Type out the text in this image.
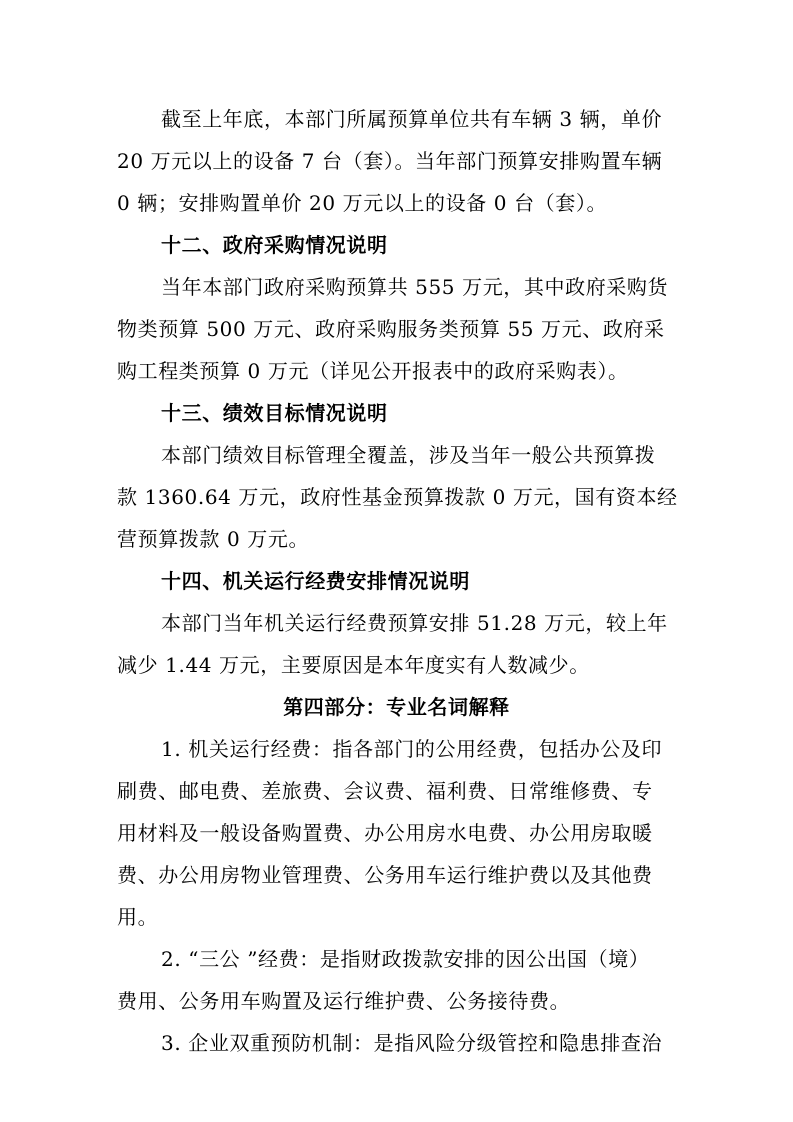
截至上年底，本部门所属预算单位共有车辆 3 辆，单价
20 万元以上的设备 7 台（套）。当年部门预算安排购置车辆
0 辆；安排购置单价 20 万元以上的设备 0 台（套）。
十二、政府采购情况说明
当年本部门政府采购预算共 555 万元，其中政府采购货
物类预算 500 万元、政府采购服务类预算 55 万元、政府采
购工程类预算 0 万元（详见公开报表中的政府采购表）。
十三、绩效目标情况说明
本部门绩效目标管理全覆盖，涉及当年一般公共预算拨
款 1360.64 万元，政府性基金预算拨款 0 万元，国有资本经
营预算拨款 0 万元。
十四、机关运行经费安排情况说明
本部门当年机关运行经费预算安排 51.28 万元，较上年
减少 1.44 万元，主要原因是本年度实有人数减少。
第四部分：专业名词解释
1. 机关运行经费：指各部门的公用经费，包括办公及印
刷费、邮电费、差旅费、会议费、福利费、日常维修费、专
用材料及一般设备购置费、办公用房水电费、办公用房取暖
费、办公用房物业管理费、公务用车运行维护费以及其他费
用。
2. “三公 ”经费：是指财政拨款安排的因公出国（境）
费用、公务用车购置及运行维护费、公务接待费。
3. 企业双重预防机制：是指风险分级管控和隐患排查治
